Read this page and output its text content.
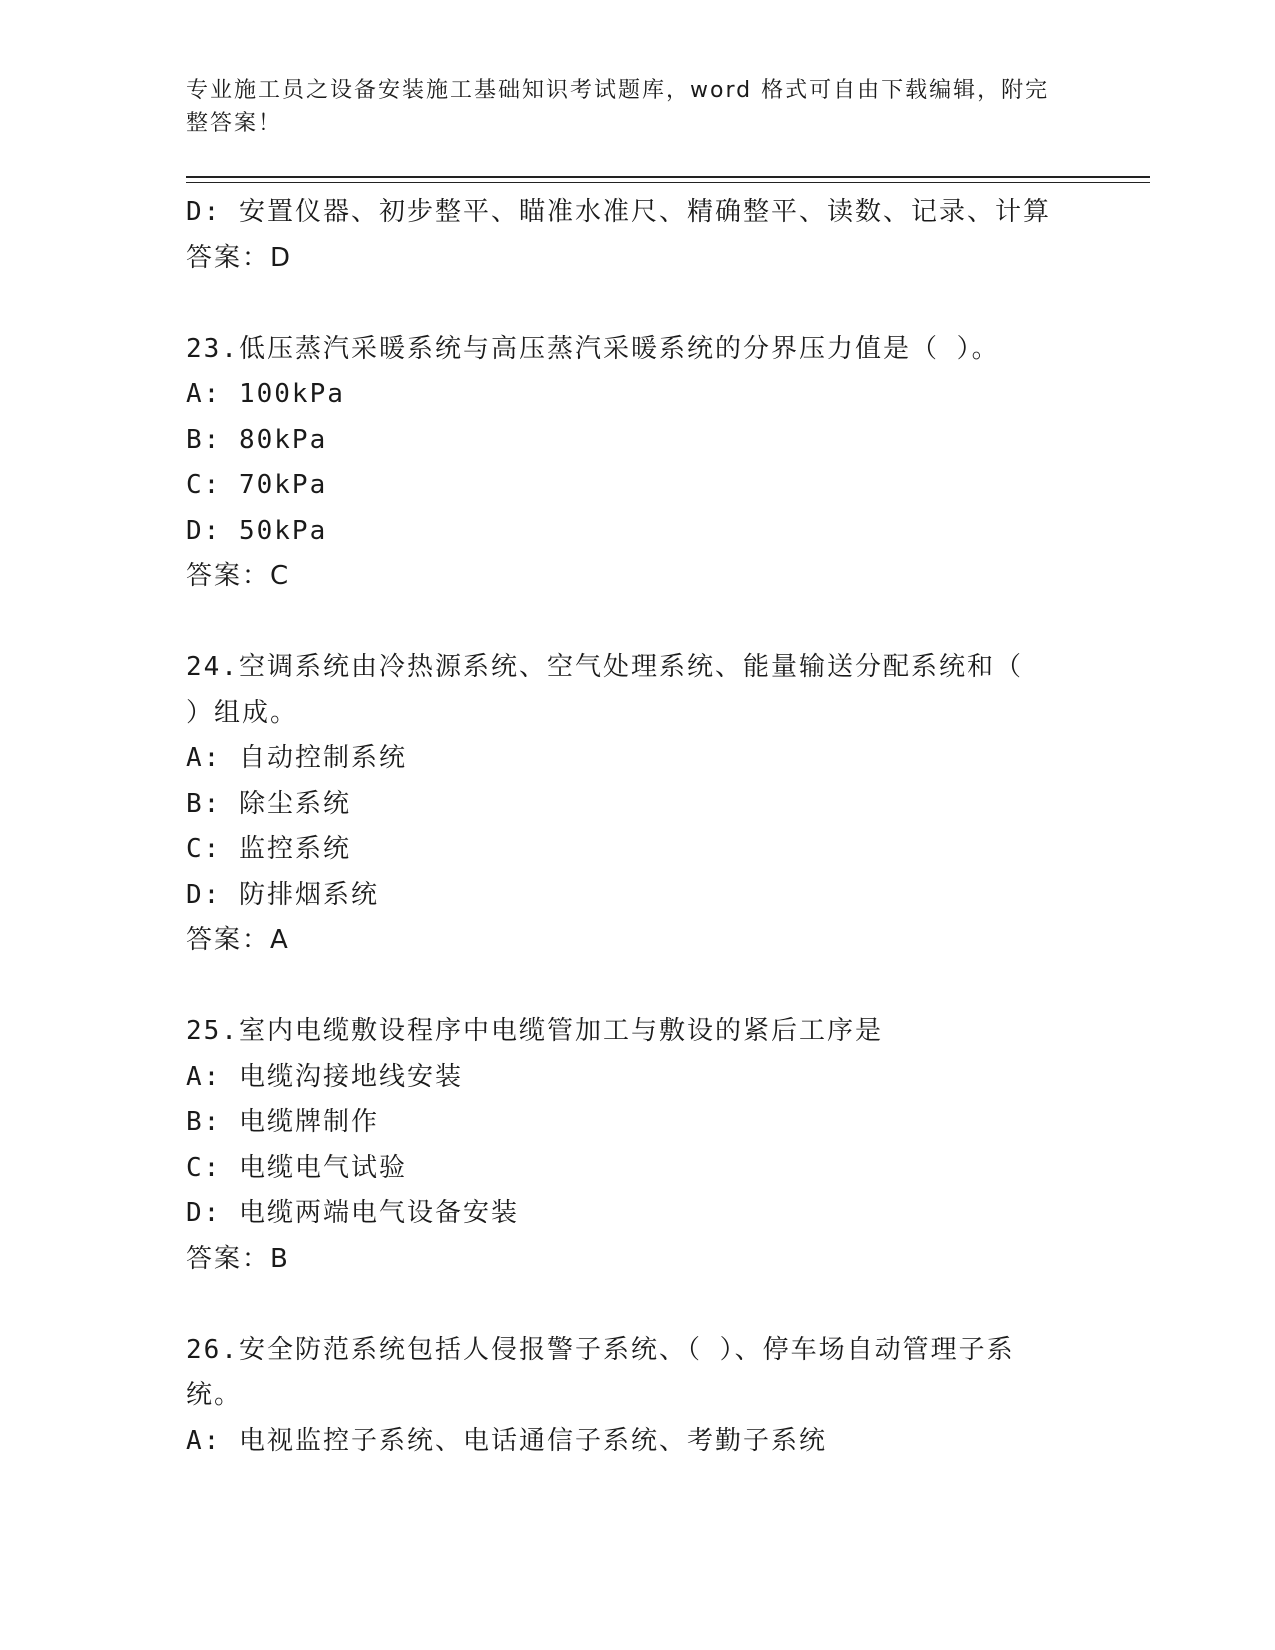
专业施工员之设备安装施工基础知识考试题库，word 格式可自由下载编辑，附完
整答案！
D: 安置仪器、初步整平、瞄准水准尺、精确整平、读数、记录、计算
答案：D
23.低压蒸汽采暖系统与高压蒸汽采暖系统的分界压力值是（ ）。
A: 100kPa
B: 80kPa
C: 70kPa
D: 50kPa
答案：C
24.空调系统由冷热源系统、空气处理系统、能量输送分配系统和（
）组成。
A: 自动控制系统
B: 除尘系统
C: 监控系统
D: 防排烟系统
答案：A
25.室内电缆敷设程序中电缆管加工与敷设的紧后工序是
A: 电缆沟接地线安装
B: 电缆牌制作
C: 电缆电气试验
D: 电缆两端电气设备安装
答案：B
26.安全防范系统包括人侵报警子系统、（ ）、停车场自动管理子系
统。
A: 电视监控子系统、电话通信子系统、考勤子系统
